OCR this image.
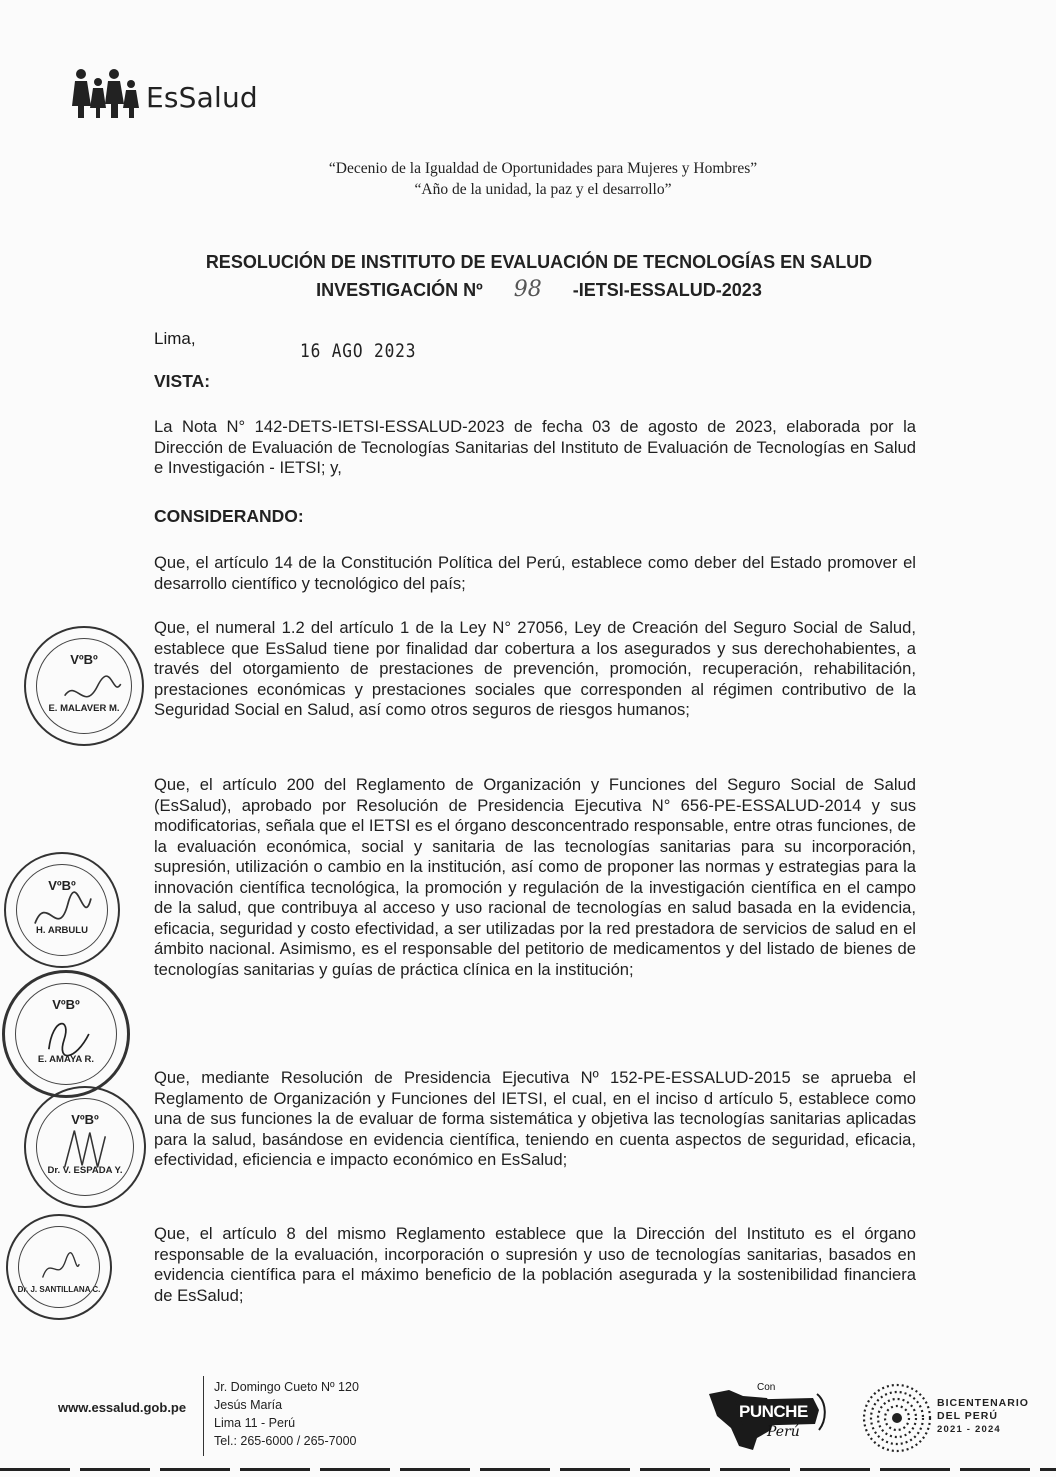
EsSalud
“Decenio de la Igualdad de Oportunidades para Mujeres y Hombres”
“Año de la unidad, la paz y el desarrollo”
RESOLUCIÓN DE INSTITUTO DE EVALUACIÓN DE TECNOLOGÍAS EN SALUD
INVESTIGACIÓN Nº 98 -IETSI-ESSALUD-2023
Lima,
16 AGO 2023
VISTA:

La Nota N° 142-DETS-IETSI-ESSALUD-2023 de fecha 03 de agosto de 2023, elaborada por la Dirección de Evaluación de Tecnologías Sanitarias del Instituto de Evaluación de Tecnologías en Salud e Investigación - IETSI; y,

CONSIDERANDO:

Que, el artículo 14 de la Constitución Política del Perú, establece como deber del Estado promover el desarrollo científico y tecnológico del país;

Que, el numeral 1.2 del artículo 1 de la Ley N° 27056, Ley de Creación del Seguro Social de Salud, establece que EsSalud tiene por finalidad dar cobertura a los asegurados y sus derechohabientes, a través del otorgamiento de prestaciones de prevención, promoción, recuperación, rehabilitación, prestaciones económicas y prestaciones sociales que corresponden al régimen contributivo de la Seguridad Social en Salud, así como otros seguros de riesgos humanos;

Que, el artículo 200 del Reglamento de Organización y Funciones del Seguro Social de Salud (EsSalud), aprobado por Resolución de Presidencia Ejecutiva N° 656-PE-ESSALUD-2014 y sus modificatorias, señala que el IETSI es el órgano desconcentrado responsable, entre otras funciones, de la evaluación económica, social y sanitaria de las tecnologías sanitarias para su incorporación, supresión, utilización o cambio en la institución, así como de proponer las normas y estrategias para la innovación científica tecnológica, la promoción y regulación de la investigación científica en el campo de la salud, que contribuya al acceso y uso racional de tecnologías en salud basada en la evidencia, eficacia, seguridad y costo efectividad, a ser utilizadas por la red prestadora de servicios de salud en el ámbito nacional. Asimismo, es el responsable del petitorio de medicamentos y del listado de bienes de tecnologías sanitarias y guías de práctica clínica en la institución;

Que, mediante Resolución de Presidencia Ejecutiva Nº 152-PE-ESSALUD-2015 se aprueba el Reglamento de Organización y Funciones del IETSI, el cual, en el inciso d artículo 5, establece como una de sus funciones la de evaluar de forma sistemática y objetiva las tecnologías sanitarias aplicadas para la salud, basándose en evidencia científica, teniendo en cuenta aspectos de seguridad, eficacia, efectividad, eficiencia e impacto económico en EsSalud;

Que, el artículo 8 del mismo Reglamento establece que la Dirección del Instituto es el órgano responsable de la evaluación, incorporación o supresión y uso de tecnologías sanitarias, basados en evidencia científica para el máximo beneficio de la población asegurada y la sostenibilidad financiera de EsSalud;

VºBº
E. MALAVER M.
VºBº
H. ARBULU
VºBº
E. AMAYA R.
VºBº
Dr. V. ESPADA Y.
Dr. J. SANTILLANA C.
www.essalud.gob.pe
Jr. Domingo Cueto Nº 120
Jesús María
Lima 11 - Perú
Tel.: 265-6000 / 265-7000
Con
PUNCHE
Perú
BICENTENARIO
DEL PERÚ
2021 - 2024
